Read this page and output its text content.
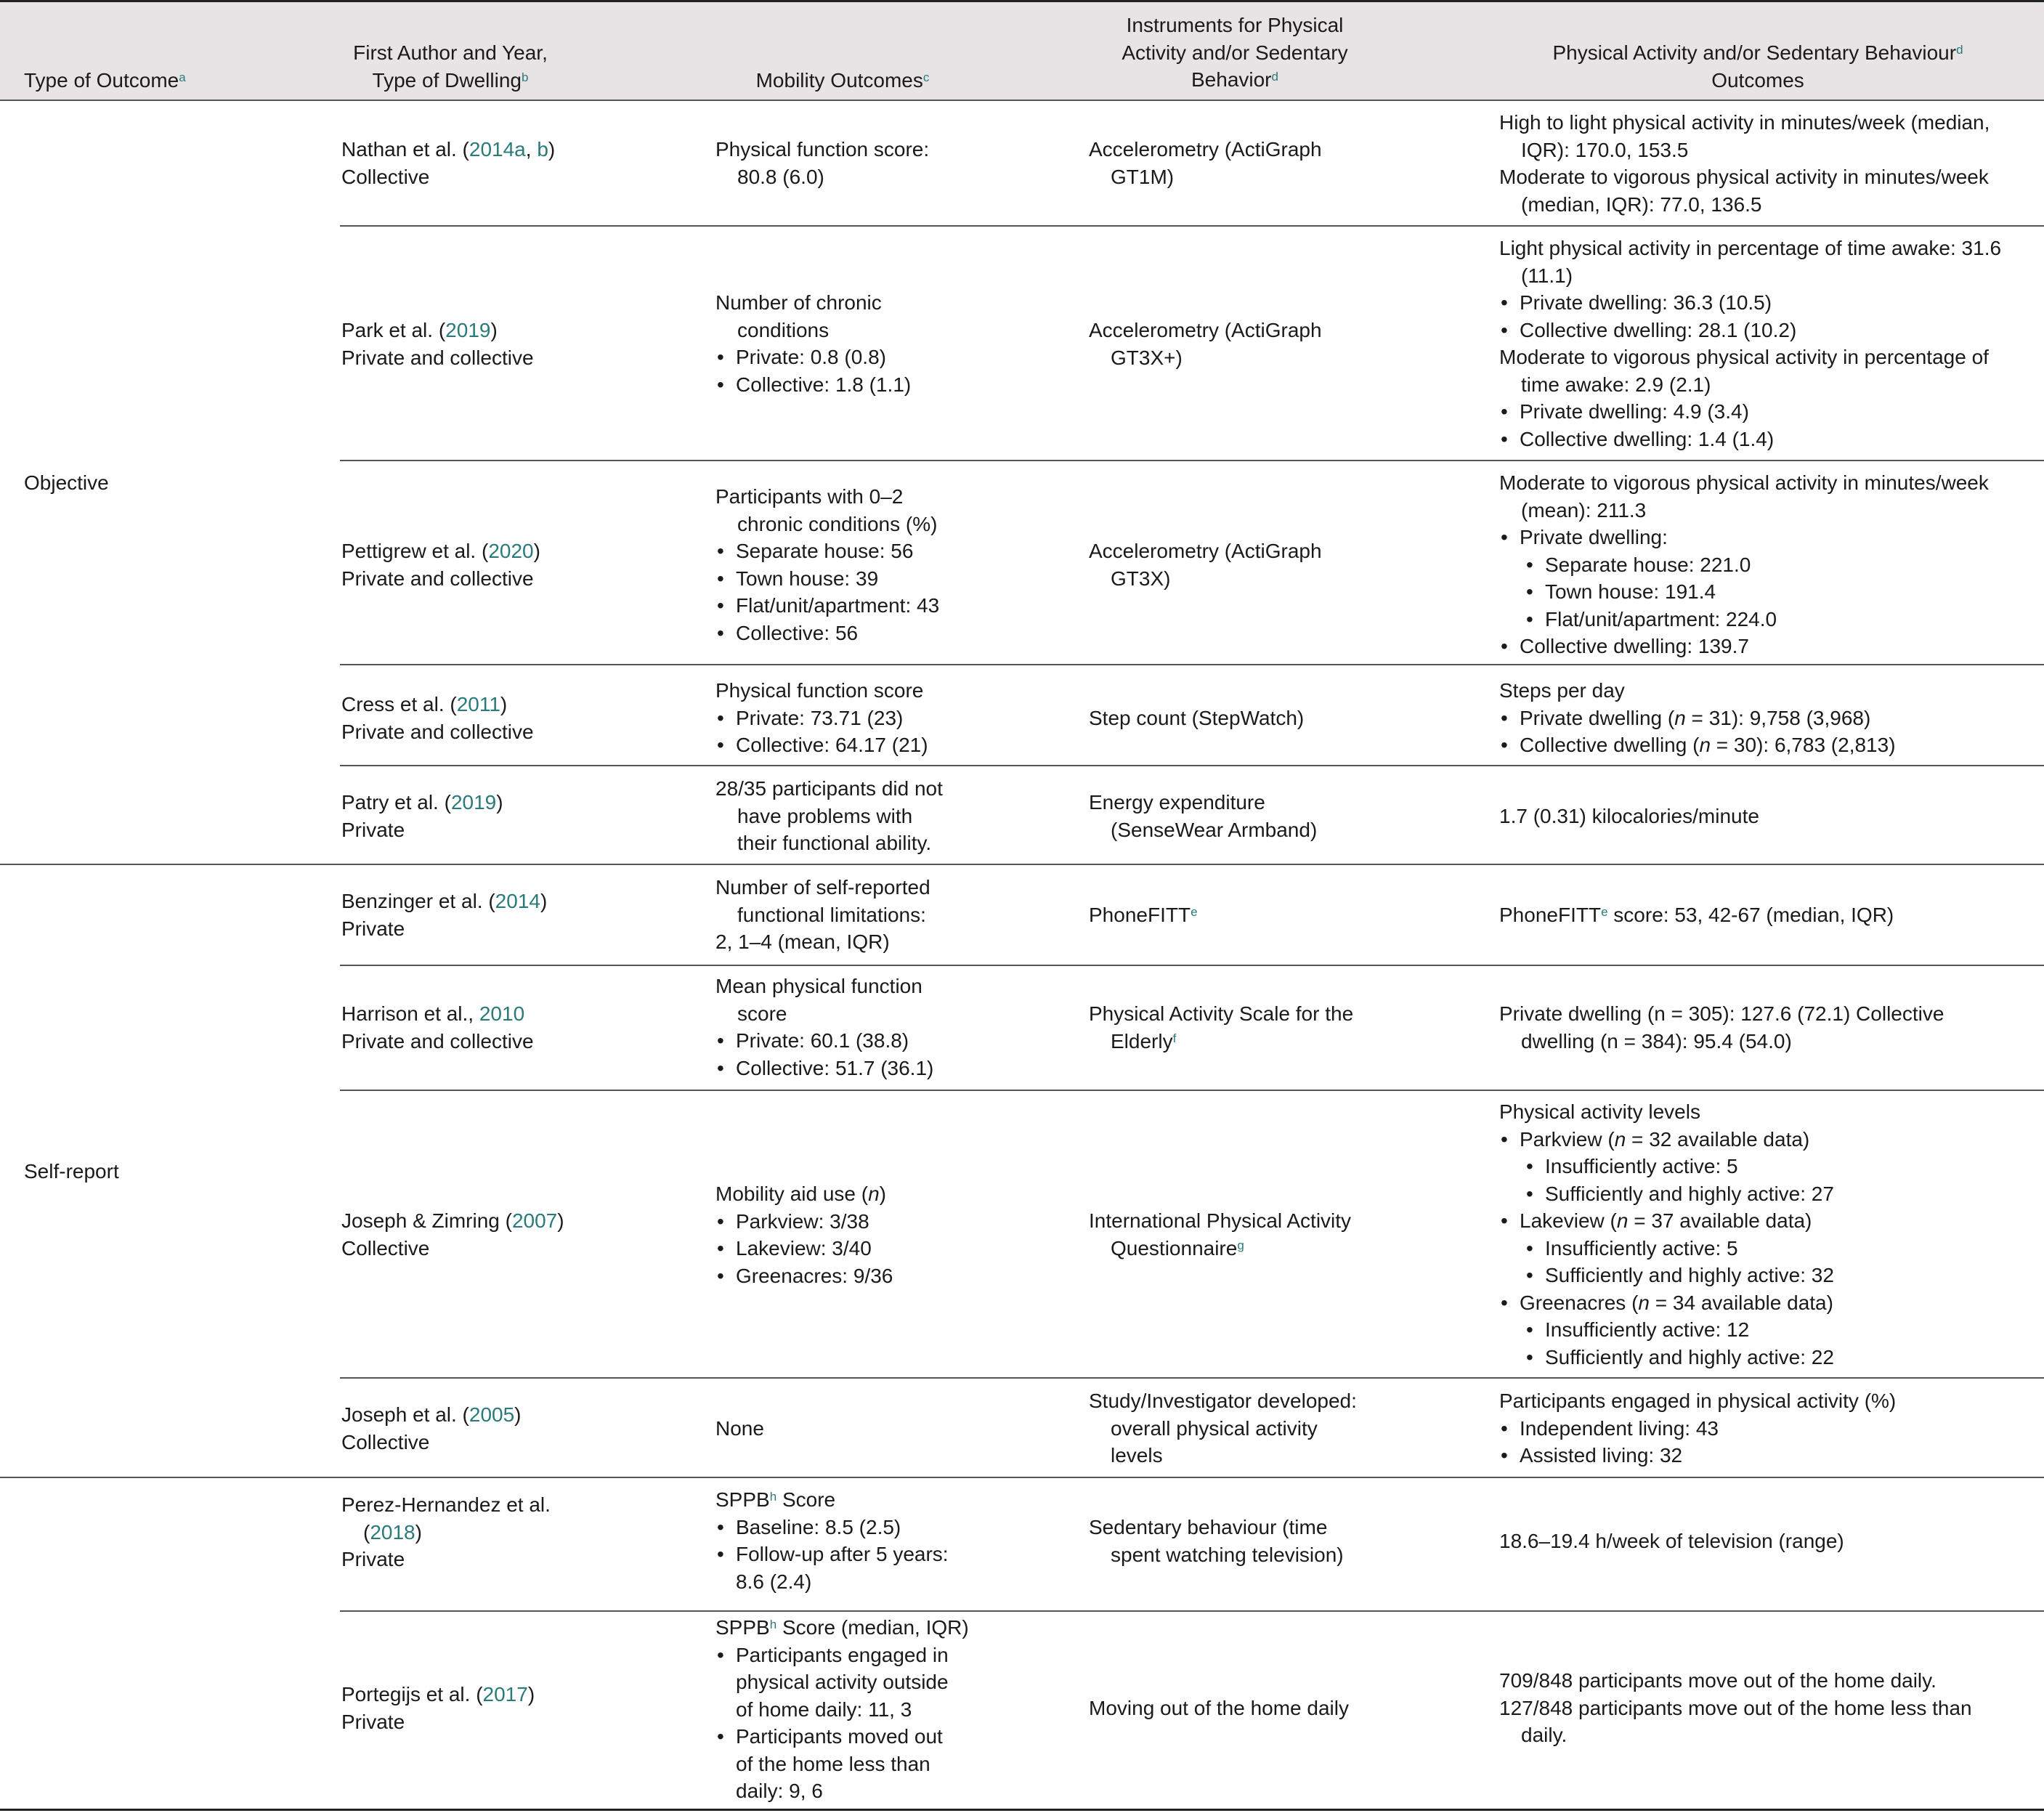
Type of Outcome$^a$
First Author and Year,
Type of Dwelling$^b$	Mobility Outcomes$^c$
Instruments for Physical
Activity and/or Sedentary
Behavior$^d$
Physical Activity and/or Sedentary Behaviour$^d$
Outcomes
Objective
Self-report
Nathan et al. (2014a, b)
Collective
Physical function score:
80.8 (6.0)
Accelerometry (ActiGraph
GT1M)
High to light physical activity in minutes/week (median,
IQR): 170.0, 153.5
Moderate to vigorous physical activity in minutes/week
(median, IQR): 77.0, 136.5
Park et al. (2019)
Private and collective
Number of chronic
conditions
• Private: 0.8 (0.8)
• Collective: 1.8 (1.1)
Accelerometry (ActiGraph
GT3X+)
Light physical activity in percentage of time awake: 31.6
(11.1)
• Private dwelling: 36.3 (10.5)
• Collective dwelling: 28.1 (10.2)
Moderate to vigorous physical activity in percentage of
time awake: 2.9 (2.1)
• Private dwelling: 4.9 (3.4)
• Collective dwelling: 1.4 (1.4)
Pettigrew et al. (2020)
Private and collective
Participants with 0–2
chronic conditions (%)
• Separate house: 56
• Town house: 39
• Flat/unit/apartment: 43
• Collective: 56
Accelerometry (ActiGraph
GT3X)
Moderate to vigorous physical activity in minutes/week
(mean): 211.3
• Private dwelling:
• Separate house: 221.0
• Town house: 191.4
• Flat/unit/apartment: 224.0
• Collective dwelling: 139.7
Cress et al. (2011)
Private and collective
Physical function score
• Private: 73.71 (23)
• Collective: 64.17 (21)
Step count (StepWatch)
Steps per day
• Private dwelling (n = 31): 9,758 (3,968)
• Collective dwelling (n = 30): 6,783 (2,813)
Patry et al. (2019)
Private
28/35 participants did not
have problems with
their functional ability.
Energy expenditure
(SenseWear Armband)
1.7 (0.31) kilocalories/minute
Benzinger et al. (2014)
Private
Number of self-reported
functional limitations:
2, 1–4 (mean, IQR)
PhoneFITT$^e$	PhoneFITT$^e$ score: 53, 42-67 (median, IQR)
Harrison et al., 2010
Private and collective
Mean physical function
score
• Private: 60.1 (38.8)
• Collective: 51.7 (36.1)
Physical Activity Scale for the
Elderly$^f$
Private dwelling (n = 305): 127.6 (72.1) Collective
dwelling (n = 384): 95.4 (54.0)
Joseph & Zimring (2007)
Collective
Mobility aid use (n)
• Parkview: 3/38
• Lakeview: 3/40
• Greenacres: 9/36
International Physical Activity
Questionnaire$^g$
Physical activity levels
• Parkview (n = 32 available data)
• Insufficiently active: 5
• Sufficiently and highly active: 27
• Lakeview (n = 37 available data)
• Insufficiently active: 5
• Sufficiently and highly active: 32
• Greenacres (n = 34 available data)
• Insufficiently active: 12
• Sufficiently and highly active: 22
Joseph et al. (2005)
Collective
None
Study/Investigator developed:
overall physical activity
levels
Participants engaged in physical activity (%)
• Independent living: 43
• Assisted living: 32
Perez-Hernandez et al.
(2018)
Private
SPPB$^h$ Score
• Baseline: 8.5 (2.5)
• Follow-up after 5 years:
8.6 (2.4)
Sedentary behaviour (time
spent watching television)
18.6–19.4 h/week of television (range)
Portegijs et al. (2017)
Private
SPPB$^h$ Score (median, IQR)
• Participants engaged in
physical activity outside
of home daily: 11, 3
• Participants moved out
of the home less than
daily: 9, 6
Moving out of the home daily
709/848 participants move out of the home daily.
127/848 participants move out of the home less than
daily.
